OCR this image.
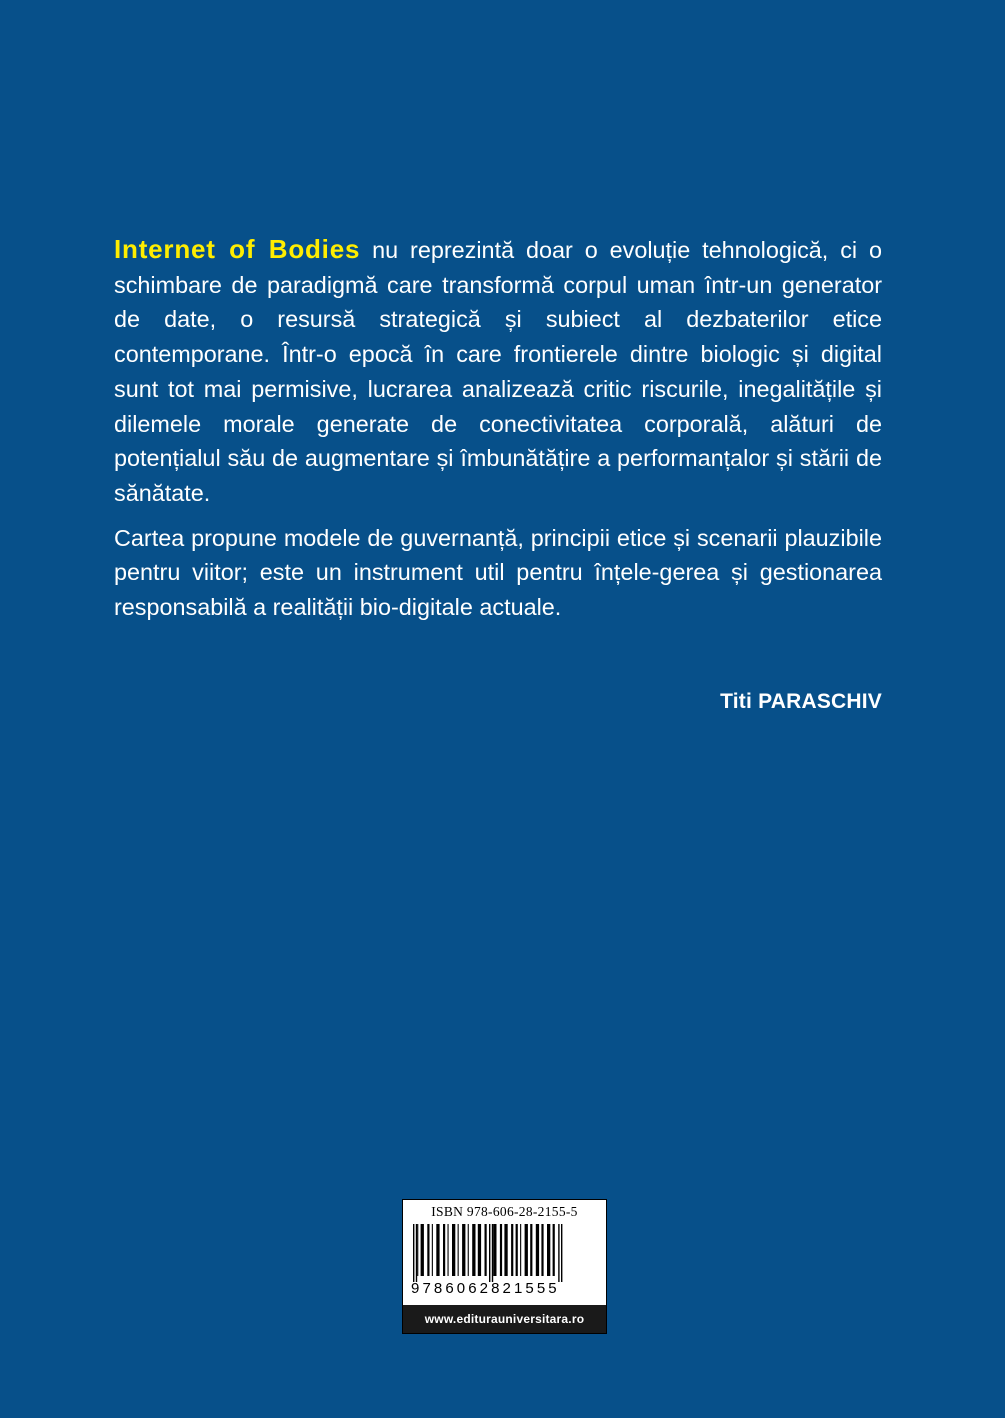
Internet of Bodies nu reprezintă doar o evoluție tehnologică, ci o schimbare de paradigmă care transformă corpul uman într-un generator de date, o resursă strategică și subiect al dezbaterilor etice contemporane. Într-o epocă în care frontierele dintre biologic și digital sunt tot mai permisive, lucrarea analizează critic riscurile, inegalitățile și dilemele morale generate de conectivitatea corporală, alături de potențialul său de augmentare și îmbunătățire a performanțalor și stării de sănătate.

Cartea propune modele de guvernanță, principii etice și scenarii plauzibile pentru viitor; este un instrument util pentru înțele-gerea și gestionarea responsabilă a realității bio-digitale actuale.

Titi PARASCHIV
ISBN 978-606-28-2155-5
9786062821555
www.editurauniversitara.ro
